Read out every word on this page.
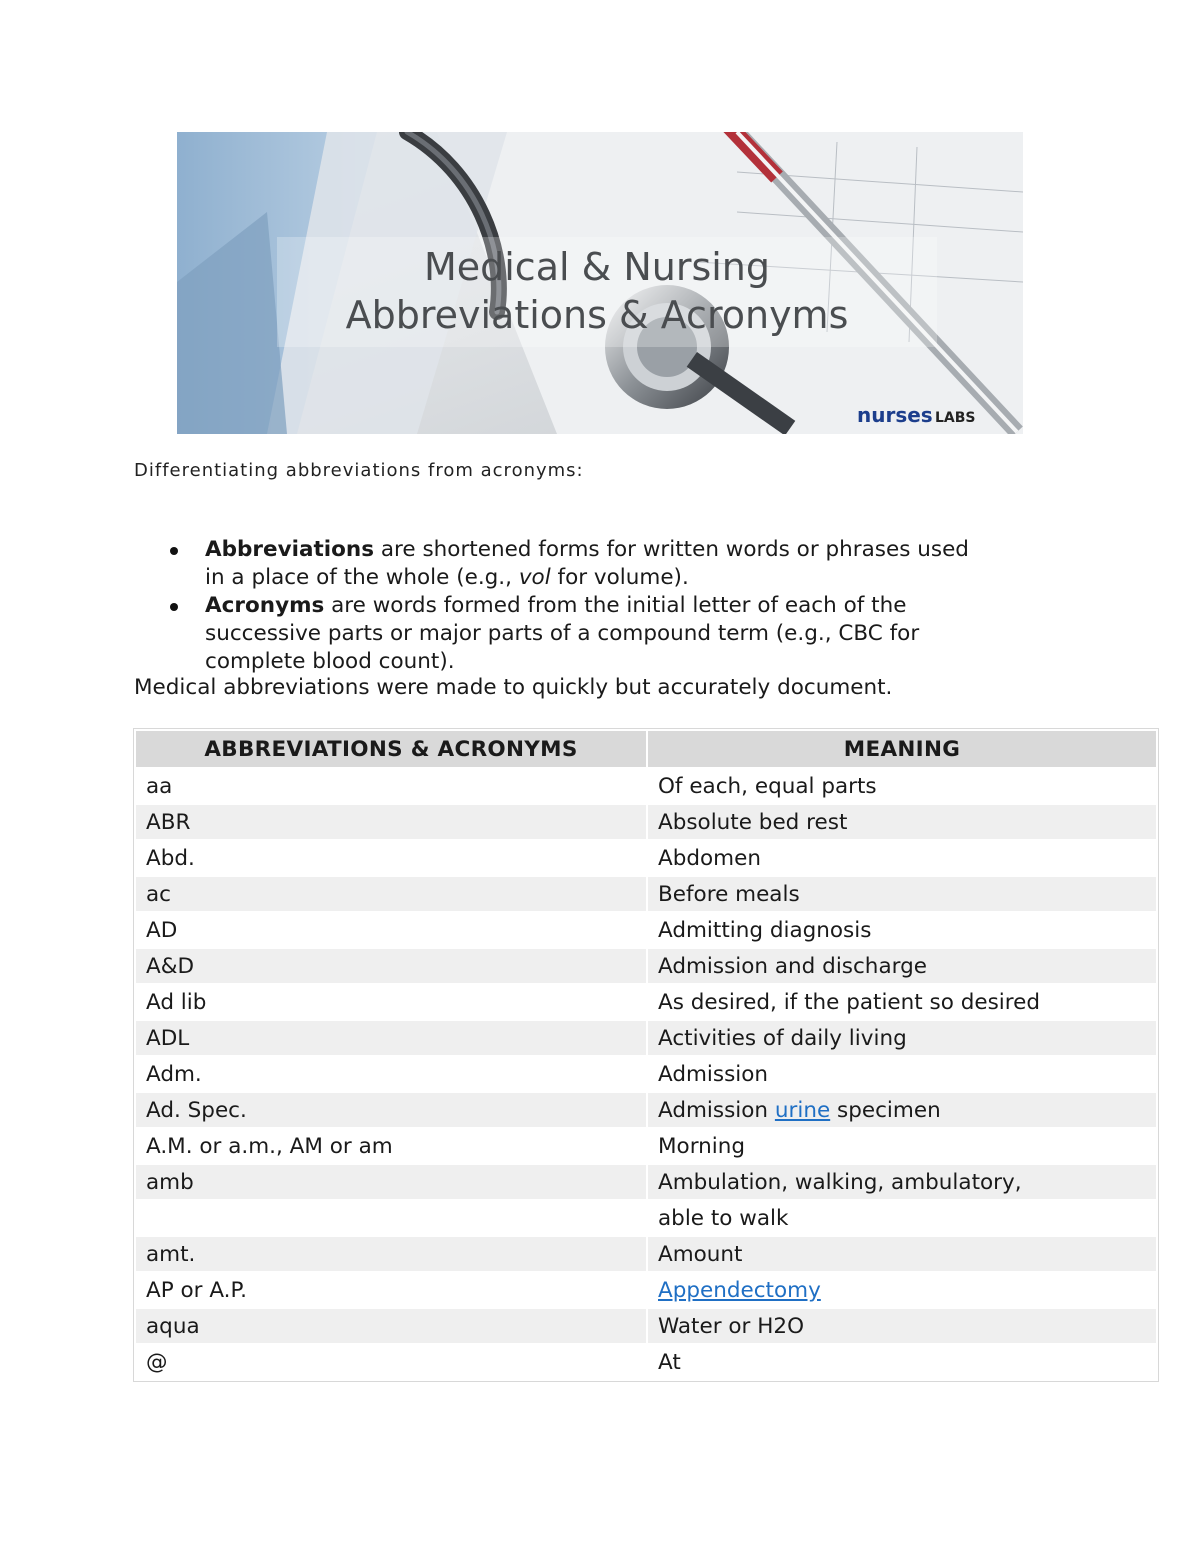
Medical & Nursing
Abbreviations & Acronyms
nurses LABS
Differentiating abbreviations from acronyms:
Abbreviations are shortened forms for written words or phrases used
in a place of the whole (e.g., vol for volume).
Acronyms are words formed from the initial letter of each of the
successive parts or major parts of a compound term (e.g., CBC for
complete blood count).
Medical abbreviations were made to quickly but accurately document.
ABBREVIATIONS & ACRONYMS	MEANING
aa	Of each, equal parts
ABR	Absolute bed rest
Abd.	Abdomen
ac	Before meals
AD	Admitting diagnosis
A&D	Admission and discharge
Ad lib	As desired, if the patient so desired
ADL	Activities of daily living
Adm.	Admission
Ad. Spec.	Admission urine specimen
A.M. or a.m., AM or am	Morning
amb	Ambulation, walking, ambulatory,
	able to walk
amt.	Amount
AP or A.P.	Appendectomy
aqua	Water or H2O
@	At
